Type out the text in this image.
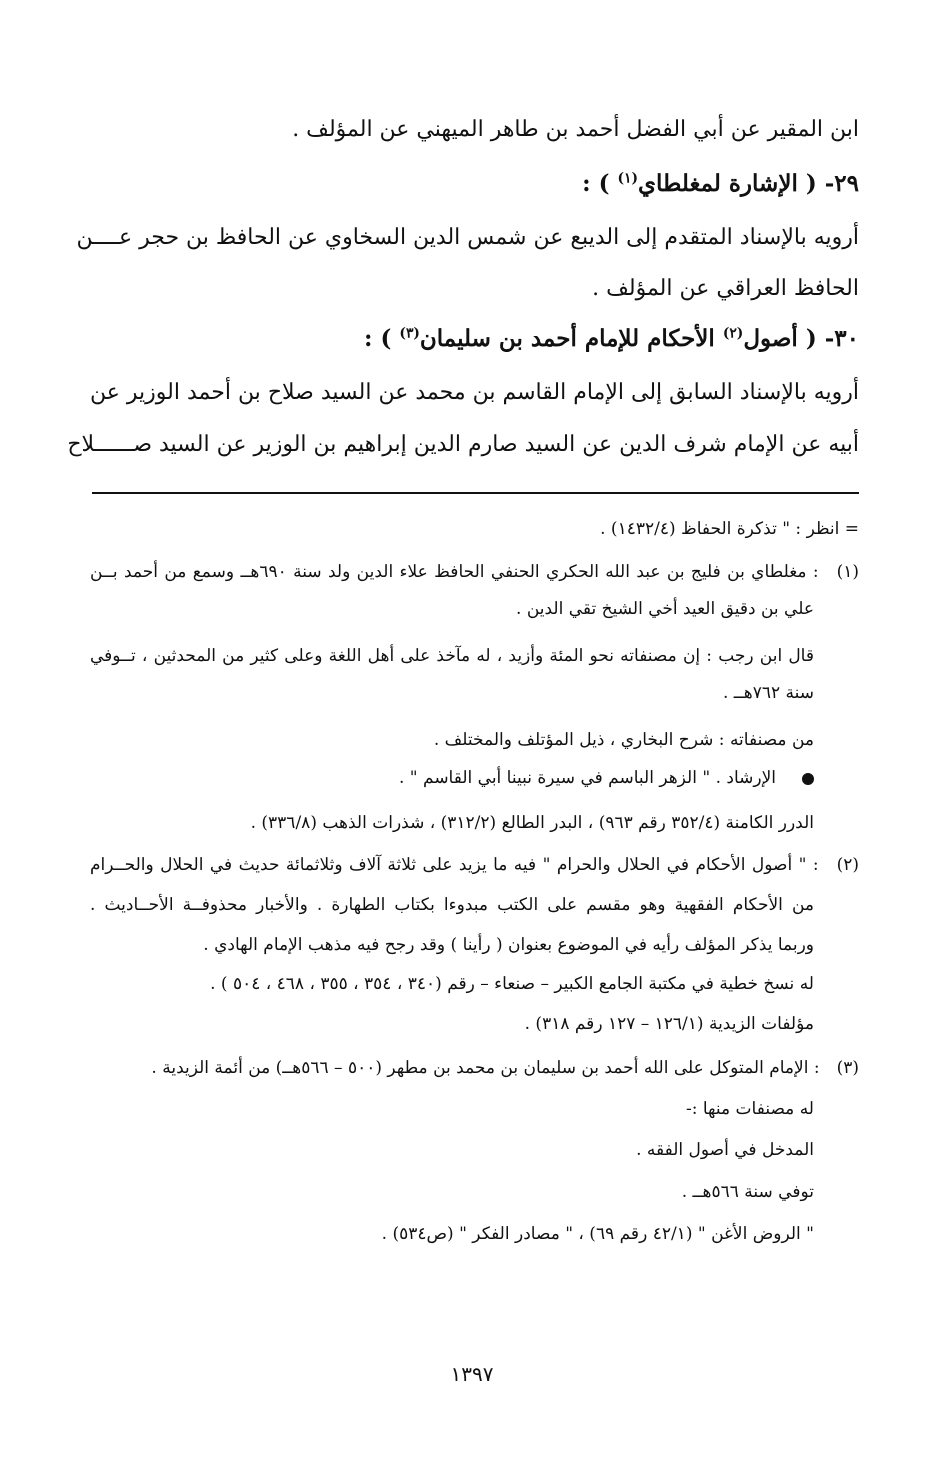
ابن المقير عن أبي الفضل أحمد بن طاهر الميهني عن المؤلف .
٢٩- ( الإشارة لمغلطاي$^{(١)}$ ) :
أرويه بالإسناد المتقدم إلى الديبع عن شمس الدين السخاوي عن الحافظ بن حجر عــــن
الحافظ العراقي عن المؤلف .
٣٠- ( أصول$^{(٢)}$ الأحكام للإمام أحمد بن سليمان$^{(٣)}$ ) :
أرويه بالإسناد السابق إلى الإمام القاسم بن محمد عن السيد صلاح بن أحمد الوزير عن
أبيه عن الإمام شرف الدين عن السيد صارم الدين إبراهيم بن الوزير عن السيد صــــــلاح
= انظر : " تذكرة الحفاظ (١٤٣٢/٤) .
(١) : مغلطاي بن فليج بن عبد الله الحكري الحنفي الحافظ علاء الدين ولد سنة ٦٩٠هــ وسمع من أحمد بــن
علي بن دقيق العيد أخي الشيخ تقي الدين .
قال ابن رجب : إن مصنفاته نحو المئة وأزيد ، له مآخذ على أهل اللغة وعلى كثير من المحدثين ، تــوفي
سنة ٧٦٢هــ .
من مصنفاته : شرح البخاري ، ذيل المؤتلف والمختلف .
الإرشاد . " الزهر الباسم في سيرة نبينا أبي القاسم " .
الدرر الكامنة (٣٥٢/٤ رقم ٩٦٣) ، البدر الطالع (٣١٢/٢) ، شذرات الذهب (٣٣٦/٨) .
(٢) : " أصول الأحكام في الحلال والحرام " فيه ما يزيد على ثلاثة آلاف وثلاثمائة حديث في الحلال والحــرام
من الأحكام الفقهية وهو مقسم على الكتب مبدوءا بكتاب الطهارة . والأخبار محذوفــة الأحــاديث .
وربما يذكر المؤلف رأيه في الموضوع بعنوان ( رأينا ) وقد رجح فيه مذهب الإمام الهادي .
له نسخ خطية في مكتبة الجامع الكبير – صنعاء – رقم (٣٤٠ ، ٣٥٤ ، ٣٥٥ ، ٤٦٨ ، ٥٠٤ ) .
مؤلفات الزيدية (١٢٦/١ – ١٢٧ رقم ٣١٨) .
(٣) : الإمام المتوكل على الله أحمد بن سليمان بن محمد بن مطهر (٥٠٠ – ٥٦٦هــ) من أئمة الزيدية .
له مصنفات منها :-
المدخل في أصول الفقه .
توفي سنة ٥٦٦هــ .
" الروض الأغن " (٤٢/١ رقم ٦٩) ، " مصادر الفكر " (ص٥٣٤) .
١٣٩٧
